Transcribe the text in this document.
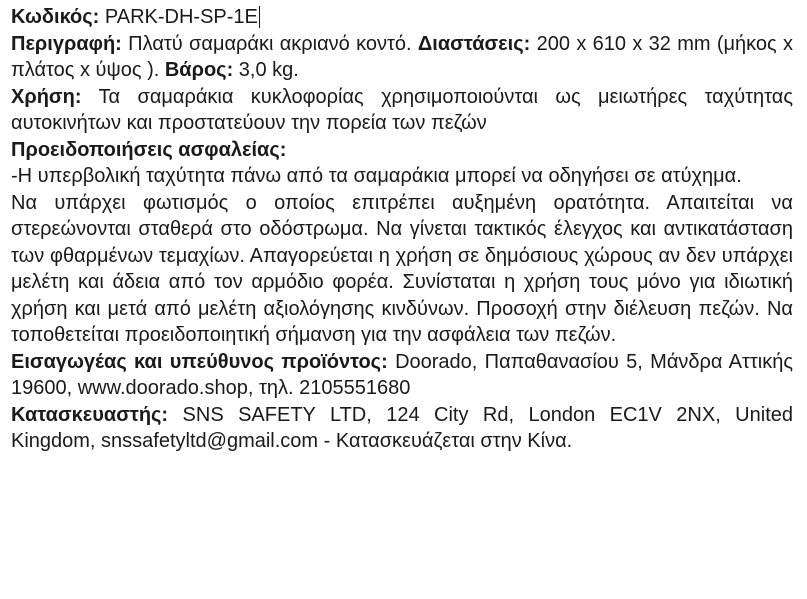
Κωδικός: PARK-DH-SP-1E

Περιγραφή: Πλατύ σαμαράκι ακριανό κοντό. Διαστάσεις: 200 x 610 x 32 mm (μήκος x πλάτος x ύψος ). Βάρος: 3,0 kg.

Χρήση: Τα σαμαράκια κυκλοφορίας χρησιμοποιούνται ως μειωτήρες ταχύτητας αυτοκινήτων και προστατεύουν την πορεία των πεζών

Προειδοποιήσεις ασφαλείας:

-Η υπερβολική ταχύτητα πάνω από τα σαμαράκια μπορεί να οδηγήσει σε ατύχημα.

Να υπάρχει φωτισμός ο οποίος επιτρέπει αυξημένη ορατότητα. Απαιτείται να στερεώνονται σταθερά στο οδόστρωμα. Να γίνεται τακτικός έλεγχος και αντικατάσταση των φθαρμένων τεμαχίων. Απαγορεύεται η χρήση σε δημόσιους χώρους αν δεν υπάρχει μελέτη και άδεια από τον αρμόδιο φορέα. Συνίσταται η χρήση τους μόνο για ιδιωτική χρήση και μετά από μελέτη αξιολόγησης κινδύνων. Προσοχή στην διέλευση πεζών. Να τοποθετείται προειδοποιητική σήμανση για την ασφάλεια των πεζών.

Εισαγωγέας και υπεύθυνος προϊόντος: Doorado, Παπαθανασίου 5, Μάνδρα Αττικής 19600, www.doorado.shop, τηλ. 2105551680

Κατασκευαστής: SNS SAFETY LTD, 124 City Rd, London EC1V 2NX, United Kingdom, snssafetyltd@gmail.com - Κατασκευάζεται στην Κίνα.
